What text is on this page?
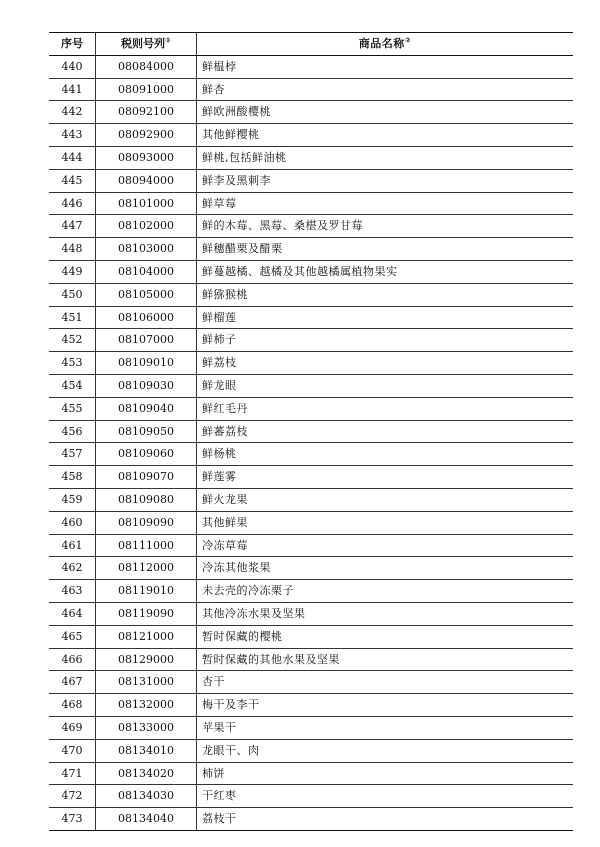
序号	税则号列①	商品名称②
440	08084000	鲜榅桲
441	08091000	鲜杏
442	08092100	鲜欧洲酸樱桃
443	08092900	其他鲜樱桃
444	08093000	鲜桃,包括鲜油桃
445	08094000	鲜李及黑刺李
446	08101000	鲜草莓
447	08102000	鲜的木莓、黑莓、桑椹及罗甘莓
448	08103000	鲜穗醋栗及醋栗
449	08104000	鲜蔓越橘、越橘及其他越橘属植物果实
450	08105000	鲜猕猴桃
451	08106000	鲜榴莲
452	08107000	鲜柿子
453	08109010	鲜荔枝
454	08109030	鲜龙眼
455	08109040	鲜红毛丹
456	08109050	鲜蕃荔枝
457	08109060	鲜杨桃
458	08109070	鲜莲雾
459	08109080	鲜火龙果
460	08109090	其他鲜果
461	08111000	冷冻草莓
462	08112000	冷冻其他浆果
463	08119010	未去壳的冷冻栗子
464	08119090	其他冷冻水果及坚果
465	08121000	暂时保藏的樱桃
466	08129000	暂时保藏的其他水果及坚果
467	08131000	杏干
468	08132000	梅干及李干
469	08133000	苹果干
470	08134010	龙眼干、肉
471	08134020	柿饼
472	08134030	干红枣
473	08134040	荔枝干
